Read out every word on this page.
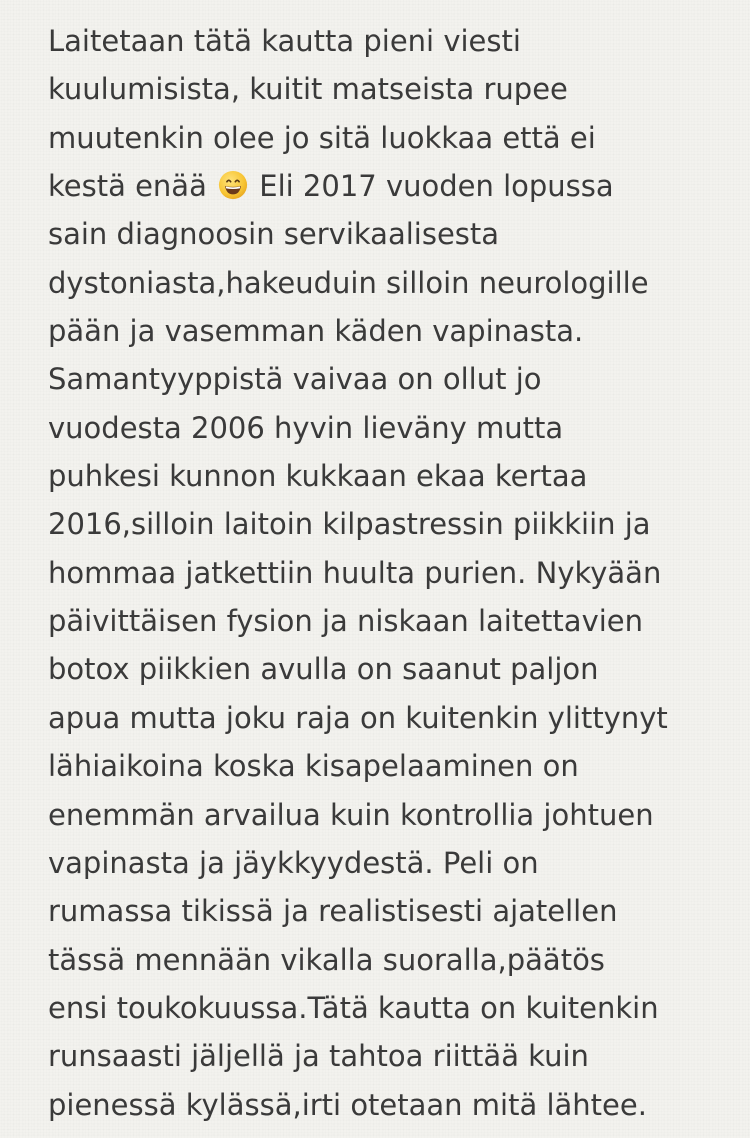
Laitetaan tätä kautta pieni viesti
kuulumisista, kuitit matseista rupee
muutenkin olee jo sitä luokkaa että ei
kestä enää  Eli 2017 vuoden lopussa
sain diagnoosin servikaalisesta
dystoniasta,hakeuduin silloin neurologille
pään ja vasemman käden vapinasta.
Samantyyppistä vaivaa on ollut jo
vuodesta 2006 hyvin lievänу mutta
puhkesi kunnon kukkaan ekaa kertaa
2016,silloin laitoin kilpastressin piikkiin ja
hommaa jatkettiin huulta purien. Nykyään
päivittäisen fysion ja niskaan laitettavien
botox piikkien avulla on saanut paljon
apua mutta joku raja on kuitenkin ylittynyt
lähiaikoina koska kisapelaaminen on
enemmän arvailua kuin kontrollia johtuen
vapinasta ja jäykkyydestä. Peli on
rumassa tikissä ja realistisesti ajatellen
tässä mennään vikalla suoralla,päätös
ensi toukokuussa.Tätä kautta on kuitenkin
runsaasti jäljellä ja tahtoa riittää kuin
pienessä kylässä,irti otetaan mitä lähtee.
